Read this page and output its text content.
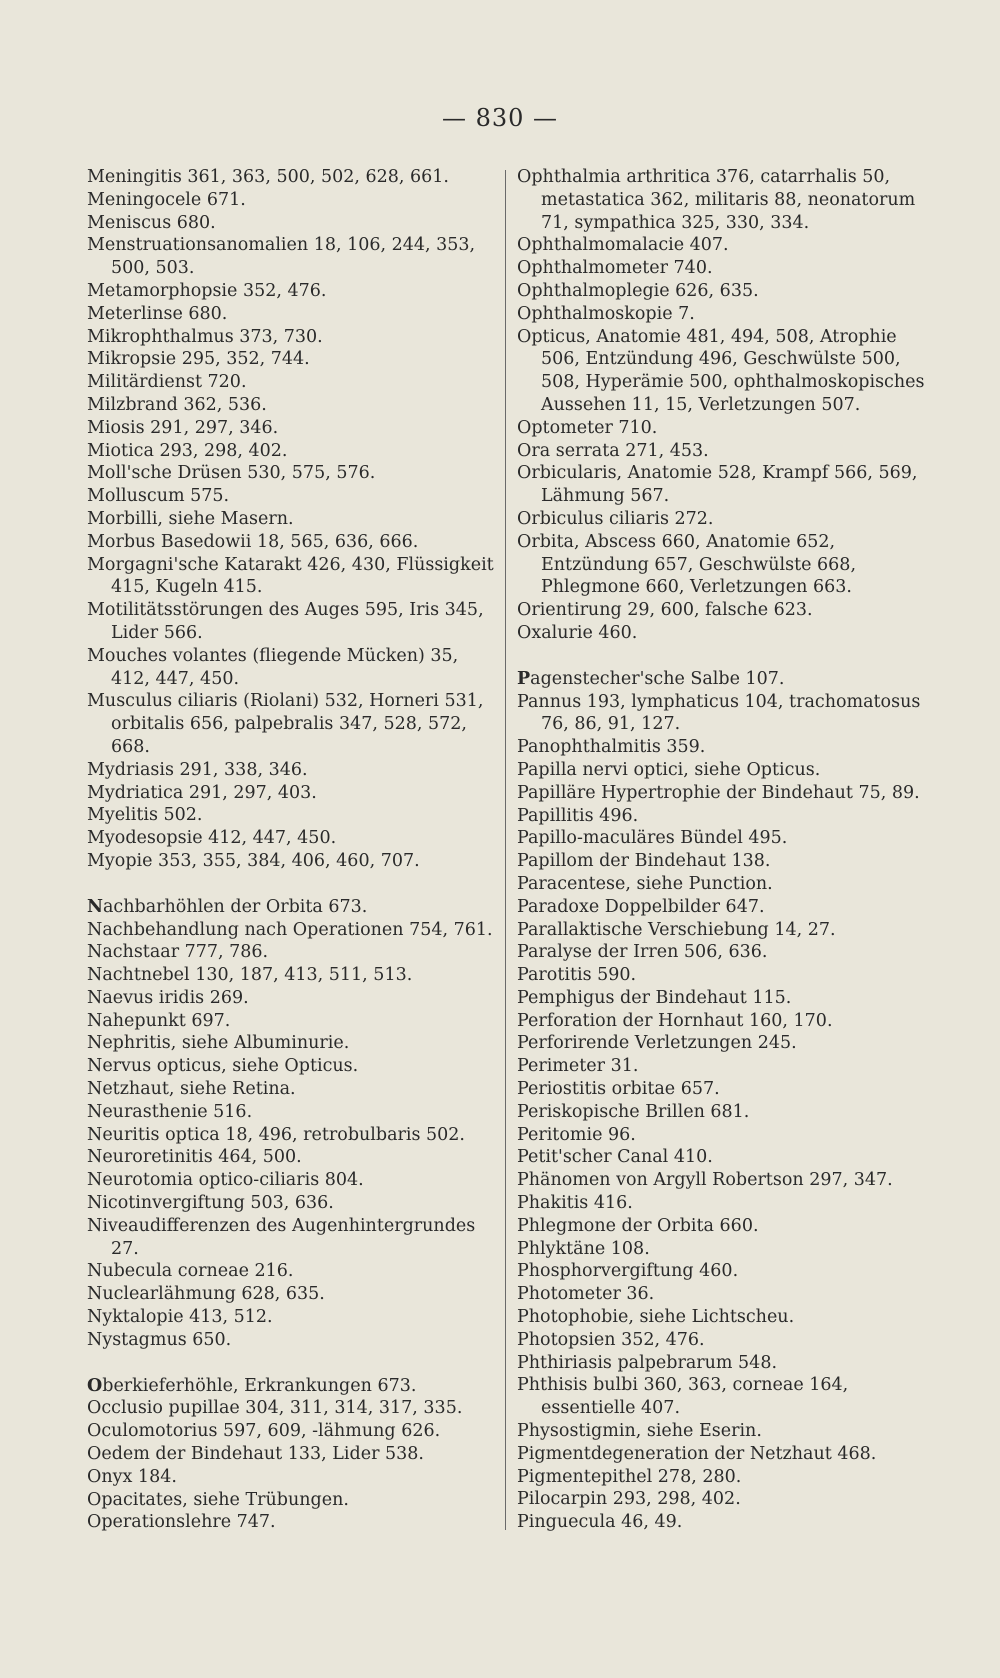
— 830 —

Meningitis 361, 363, 500, 502, 628, 661.

Meningocele 671.

Meniscus 680.

Menstruationsanomalien 18, 106, 244, 353, 500, 503.

Metamorphopsie 352, 476.

Meterlinse 680.

Mikrophthalmus 373, 730.

Mikropsie 295, 352, 744.

Militärdienst 720.

Milzbrand 362, 536.

Miosis 291, 297, 346.

Miotica 293, 298, 402.

Moll'sche Drüsen 530, 575, 576.

Molluscum 575.

Morbilli, siehe Masern.

Morbus Basedowii 18, 565, 636, 666.

Morgagni'sche Katarakt 426, 430, Flüssigkeit 415, Kugeln 415.

Motilitätsstörungen des Auges 595, Iris 345, Lider 566.

Mouches volantes (fliegende Mücken) 35, 412, 447, 450.

Musculus ciliaris (Riolani) 532, Horneri 531, orbitalis 656, palpebralis 347, 528, 572, 668.

Mydriasis 291, 338, 346.

Mydriatica 291, 297, 403.

Myelitis 502.

Myodesopsie 412, 447, 450.

Myopie 353, 355, 384, 406, 460, 707.

Nachbarhöhlen der Orbita 673.

Nachbehandlung nach Operationen 754, 761.

Nachstaar 777, 786.

Nachtnebel 130, 187, 413, 511, 513.

Naevus iridis 269.

Nahepunkt 697.

Nephritis, siehe Albuminurie.

Nervus opticus, siehe Opticus.

Netzhaut, siehe Retina.

Neurasthenie 516.

Neuritis optica 18, 496, retrobulbaris 502.

Neuroretinitis 464, 500.

Neurotomia optico-ciliaris 804.

Nicotinvergiftung 503, 636.

Niveaudifferenzen des Augenhintergrundes 27.

Nubecula corneae 216.

Nuclearlähmung 628, 635.

Nyktalopie 413, 512.

Nystagmus 650.

Oberkieferhöhle, Erkrankungen 673.

Occlusio pupillae 304, 311, 314, 317, 335.

Oculomotorius 597, 609, -lähmung 626.

Oedem der Bindehaut 133, Lider 538.

Onyx 184.

Opacitates, siehe Trübungen.

Operationslehre 747.

Ophthalmia arthritica 376, catarrhalis 50, metastatica 362, militaris 88, neonatorum 71, sympathica 325, 330, 334.

Ophthalmomalacie 407.

Ophthalmometer 740.

Ophthalmoplegie 626, 635.

Ophthalmoskopie 7.

Opticus, Anatomie 481, 494, 508, Atrophie 506, Entzündung 496, Geschwülste 500, 508, Hyperämie 500, ophthalmoskopisches Aussehen 11, 15, Verletzungen 507.

Optometer 710.

Ora serrata 271, 453.

Orbicularis, Anatomie 528, Krampf 566, 569, Lähmung 567.

Orbiculus ciliaris 272.

Orbita, Abscess 660, Anatomie 652, Entzündung 657, Geschwülste 668, Phlegmone 660, Verletzungen 663.

Orientirung 29, 600, falsche 623.

Oxalurie 460.

Pagenstecher'sche Salbe 107.

Pannus 193, lymphaticus 104, trachomatosus 76, 86, 91, 127.

Panophthalmitis 359.

Papilla nervi optici, siehe Opticus.

Papilläre Hypertrophie der Bindehaut 75, 89.

Papillitis 496.

Papillo-maculäres Bündel 495.

Papillom der Bindehaut 138.

Paracentese, siehe Punction.

Paradoxe Doppelbilder 647.

Parallaktische Verschiebung 14, 27.

Paralyse der Irren 506, 636.

Parotitis 590.

Pemphigus der Bindehaut 115.

Perforation der Hornhaut 160, 170.

Perforirende Verletzungen 245.

Perimeter 31.

Periostitis orbitae 657.

Periskopische Brillen 681.

Peritomie 96.

Petit'scher Canal 410.

Phänomen von Argyll Robertson 297, 347.

Phakitis 416.

Phlegmone der Orbita 660.

Phlyktäne 108.

Phosphorvergiftung 460.

Photometer 36.

Photophobie, siehe Lichtscheu.

Photopsien 352, 476.

Phthiriasis palpebrarum 548.

Phthisis bulbi 360, 363, corneae 164, essentielle 407.

Physostigmin, siehe Eserin.

Pigmentdegeneration der Netzhaut 468.

Pigmentepithel 278, 280.

Pilocarpin 293, 298, 402.

Pinguecula 46, 49.
